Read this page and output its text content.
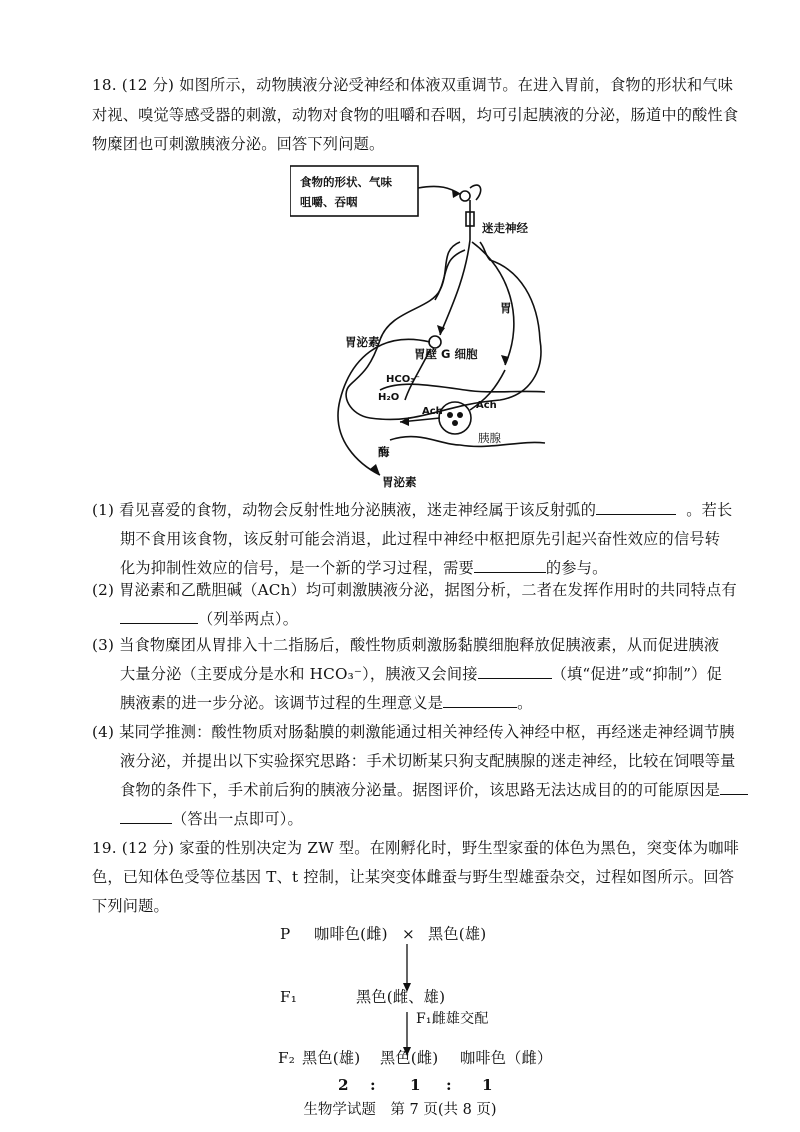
18. (12 分) 如图所示，动物胰液分泌受神经和体液双重调节。在进入胃前，食物的形状和气味
对视、嗅觉等感受器的刺激，动物对食物的咀嚼和吞咽，均可引起胰液的分泌，肠道中的酸性食
物糜团也可刺激胰液分泌。回答下列问题。
食物的形状、气味
咀嚼、吞咽
迷走神经
胃
胃泌素
胃壁 G 细胞
HCO₃⁻
H₂O
Ach
Ach
酶
胰腺
胃泌素
(1) 看见喜爱的食物，动物会反射性地分泌胰液，迷走神经属于该反射弧的	。若长
期不食用该食物，该反射可能会消退，此过程中神经中枢把原先引起兴奋性效应的信号转
化为抑制性效应的信号，是一个新的学习过程，需要	的参与。
(2) 胃泌素和乙酰胆碱（ACh）均可刺激胰液分泌，据图分析，二者在发挥作用时的共同特点有
（列举两点）。
(3) 当食物糜团从胃排入十二指肠后，酸性物质刺激肠黏膜细胞释放促胰液素，从而促进胰液
大量分泌（主要成分是水和 HCO₃⁻），胰液又会间接	（填“促进”或“抑制”）促
胰液素的进一步分泌。该调节过程的生理意义是	。
(4) 某同学推测：酸性物质对肠黏膜的刺激能通过相关神经传入神经中枢，再经迷走神经调节胰
液分泌，并提出以下实验探究思路：手术切断某只狗支配胰腺的迷走神经，比较在饲喂等量
食物的条件下，手术前后狗的胰液分泌量。据图评价，该思路无法达成目的的可能原因是
（答出一点即可）。
19. (12 分) 家蚕的性别决定为 ZW 型。在刚孵化时，野生型家蚕的体色为黑色，突变体为咖啡
色，已知体色受等位基因 T、t 控制，让某突变体雌蚕与野生型雄蚕杂交，过程如图所示。回答
下列问题。
P 咖啡色(雌) × 黑色(雄)
F₁	黑色(雌、雄)
F₁雌雄交配
F₂ 黑色(雄) 黑色(雌) 咖啡色（雌）
2 : 1 : 1
生物学试题　第 7 页(共 8 页)
